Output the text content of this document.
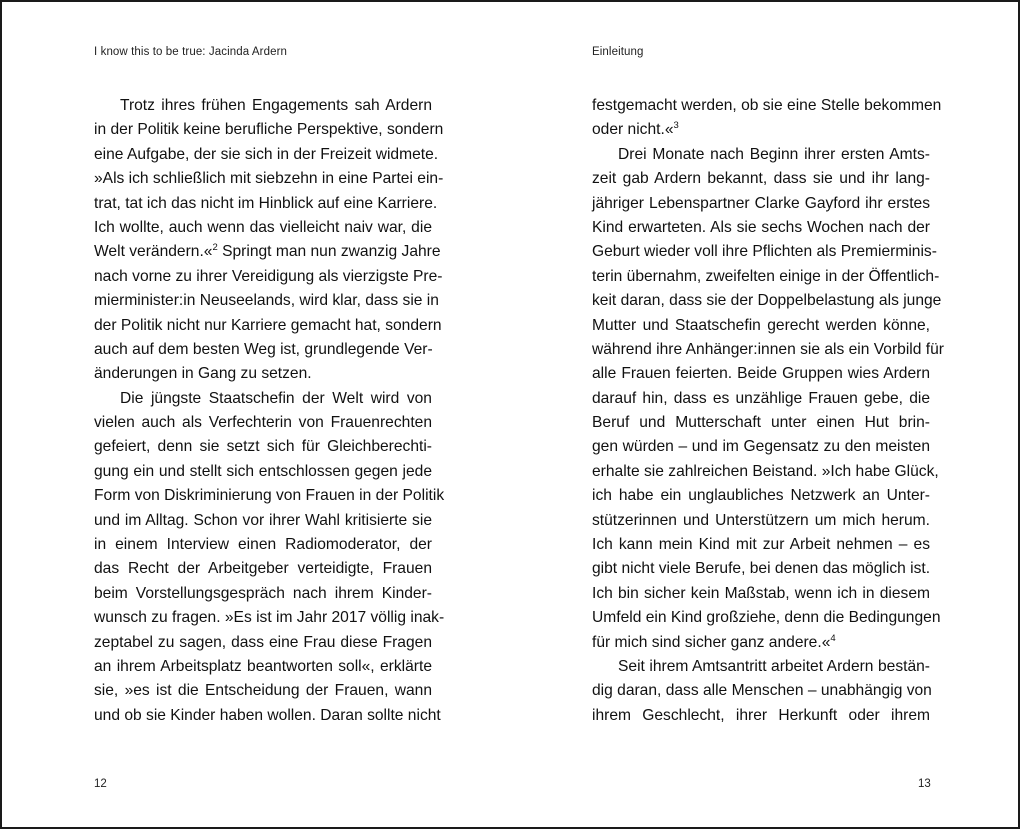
I know this to be true: Jacinda Ardern
Trotz ihres frühen Engagements sah Ardern
in der Politik keine berufliche Perspektive, sondern
eine Aufgabe, der sie sich in der Freizeit widmete.
»Als ich schließlich mit siebzehn in eine Partei ein-
trat, tat ich das nicht im Hinblick auf eine Karriere.
Ich wollte, auch wenn das vielleicht naiv war, die
Welt verändern.«$^2$ Springt man nun zwanzig Jahre
nach vorne zu ihrer Vereidigung als vierzigste Pre-
mierminister:in Neuseelands, wird klar, dass sie in
der Politik nicht nur Karriere gemacht hat, sondern
auch auf dem besten Weg ist, grundlegende Ver-
änderungen in Gang zu setzen.
Die jüngste Staatschefin der Welt wird von
vielen auch als Verfechterin von Frauenrechten
gefeiert, denn sie setzt sich für Gleichberechti-
gung ein und stellt sich entschlossen gegen jede
Form von Diskriminierung von Frauen in der Politik
und im Alltag. Schon vor ihrer Wahl kritisierte sie
in einem Interview einen Radiomoderator, der
das Recht der Arbeitgeber verteidigte, Frauen
beim Vorstellungsgespräch nach ihrem Kinder-
wunsch zu fragen. »Es ist im Jahr 2017 völlig inak-
zeptabel zu sagen, dass eine Frau diese Fragen
an ihrem Arbeitsplatz beantworten soll«, erklärte
sie, »es ist die Entscheidung der Frauen, wann
und ob sie Kinder haben wollen. Daran sollte nicht
12
Einleitung
festgemacht werden, ob sie eine Stelle bekommen
oder nicht.«$^3$
Drei Monate nach Beginn ihrer ersten Amts-
zeit gab Ardern bekannt, dass sie und ihr lang-
jähriger Lebenspartner Clarke Gayford ihr erstes
Kind erwarteten. Als sie sechs Wochen nach der
Geburt wieder voll ihre Pflichten als Premierminis-
terin übernahm, zweifelten einige in der Öffentlich-
keit daran, dass sie der Doppelbelastung als junge
Mutter und Staatschefin gerecht werden könne,
während ihre Anhänger:innen sie als ein Vorbild für
alle Frauen feierten. Beide Gruppen wies Ardern
darauf hin, dass es unzählige Frauen gebe, die
Beruf und Mutterschaft unter einen Hut brin-
gen würden – und im Gegensatz zu den meisten
erhalte sie zahlreichen Beistand. »Ich habe Glück,
ich habe ein unglaubliches Netzwerk an Unter-
stützerinnen und Unterstützern um mich herum.
Ich kann mein Kind mit zur Arbeit nehmen – es
gibt nicht viele Berufe, bei denen das möglich ist.
Ich bin sicher kein Maßstab, wenn ich in diesem
Umfeld ein Kind großziehe, denn die Bedingungen
für mich sind sicher ganz andere.«$^4$
Seit ihrem Amtsantritt arbeitet Ardern bestän-
dig daran, dass alle Menschen – unabhängig von
ihrem Geschlecht, ihrer Herkunft oder ihrem
13
